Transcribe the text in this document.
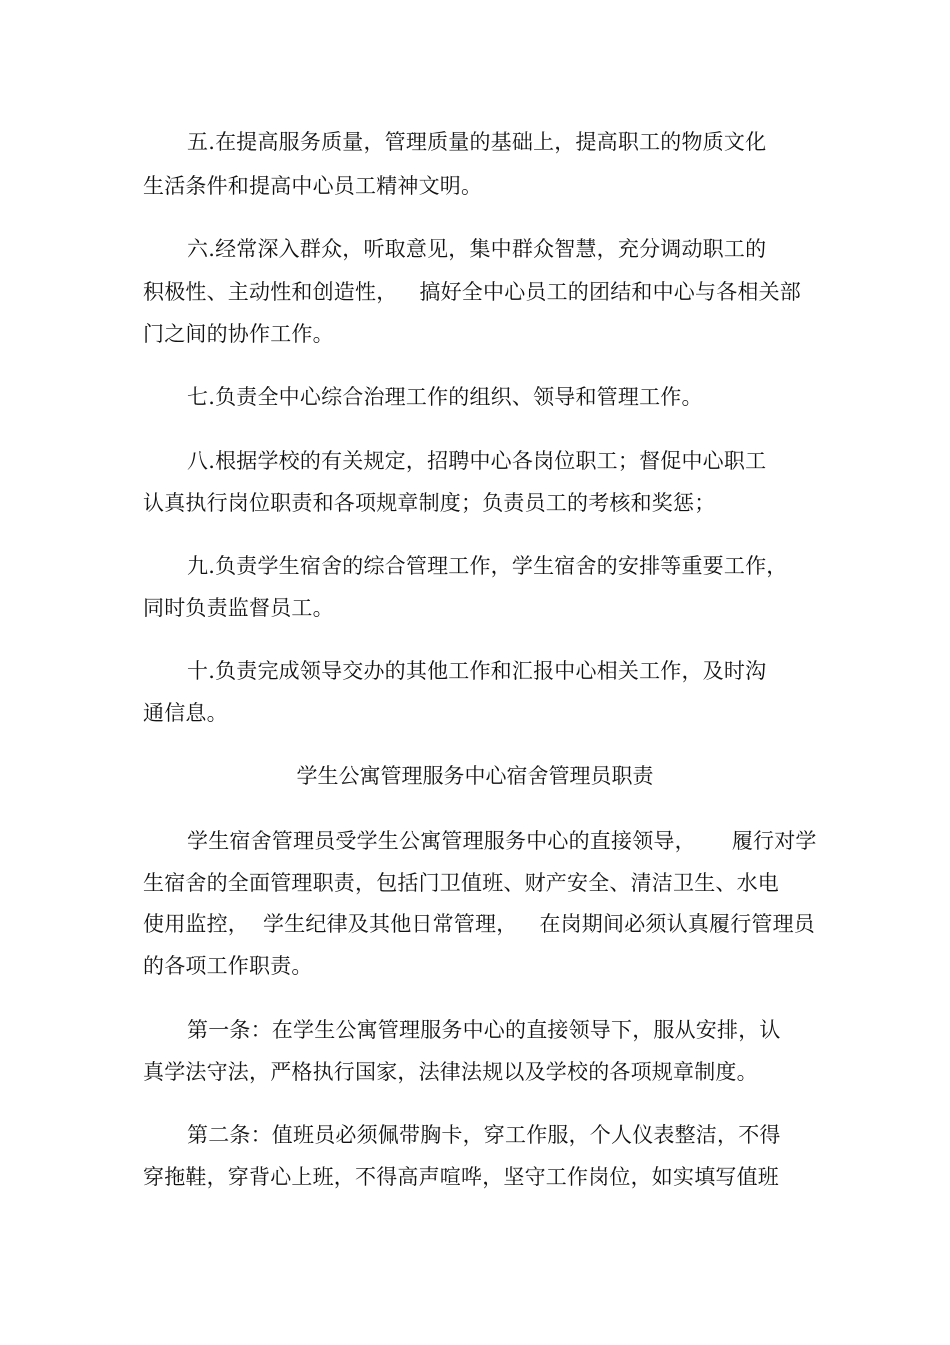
五.在提高服务质量，管理质量的基础上，提高职工的物质文化

生活条件和提高中心员工精神文明。

六.经常深入群众，听取意见，集中群众智慧，充分调动职工的

积极性、主动性和创造性， 搞好全中心员工的团结和中心与各相关部

门之间的协作工作。

七.负责全中心综合治理工作的组织、领导和管理工作。

八.根据学校的有关规定，招聘中心各岗位职工；督促中心职工

认真执行岗位职责和各项规章制度；负责员工的考核和奖惩；

九.负责学生宿舍的综合管理工作，学生宿舍的安排等重要工作，

同时负责监督员工。

十.负责完成领导交办的其他工作和汇报中心相关工作，及时沟

通信息。

学生公寓管理服务中心宿舍管理员职责

学生宿舍管理员受学生公寓管理服务中心的直接领导， 履行对学

生宿舍的全面管理职责，包括门卫值班、财产安全、清洁卫生、水电

使用监控， 学生纪律及其他日常管理， 在岗期间必须认真履行管理员

的各项工作职责。

第一条：在学生公寓管理服务中心的直接领导下，服从安排，认

真学法守法，严格执行国家，法律法规以及学校的各项规章制度。

第二条：值班员必须佩带胸卡，穿工作服，个人仪表整洁，不得

穿拖鞋，穿背心上班，不得高声喧哗，坚守工作岗位，如实填写值班
